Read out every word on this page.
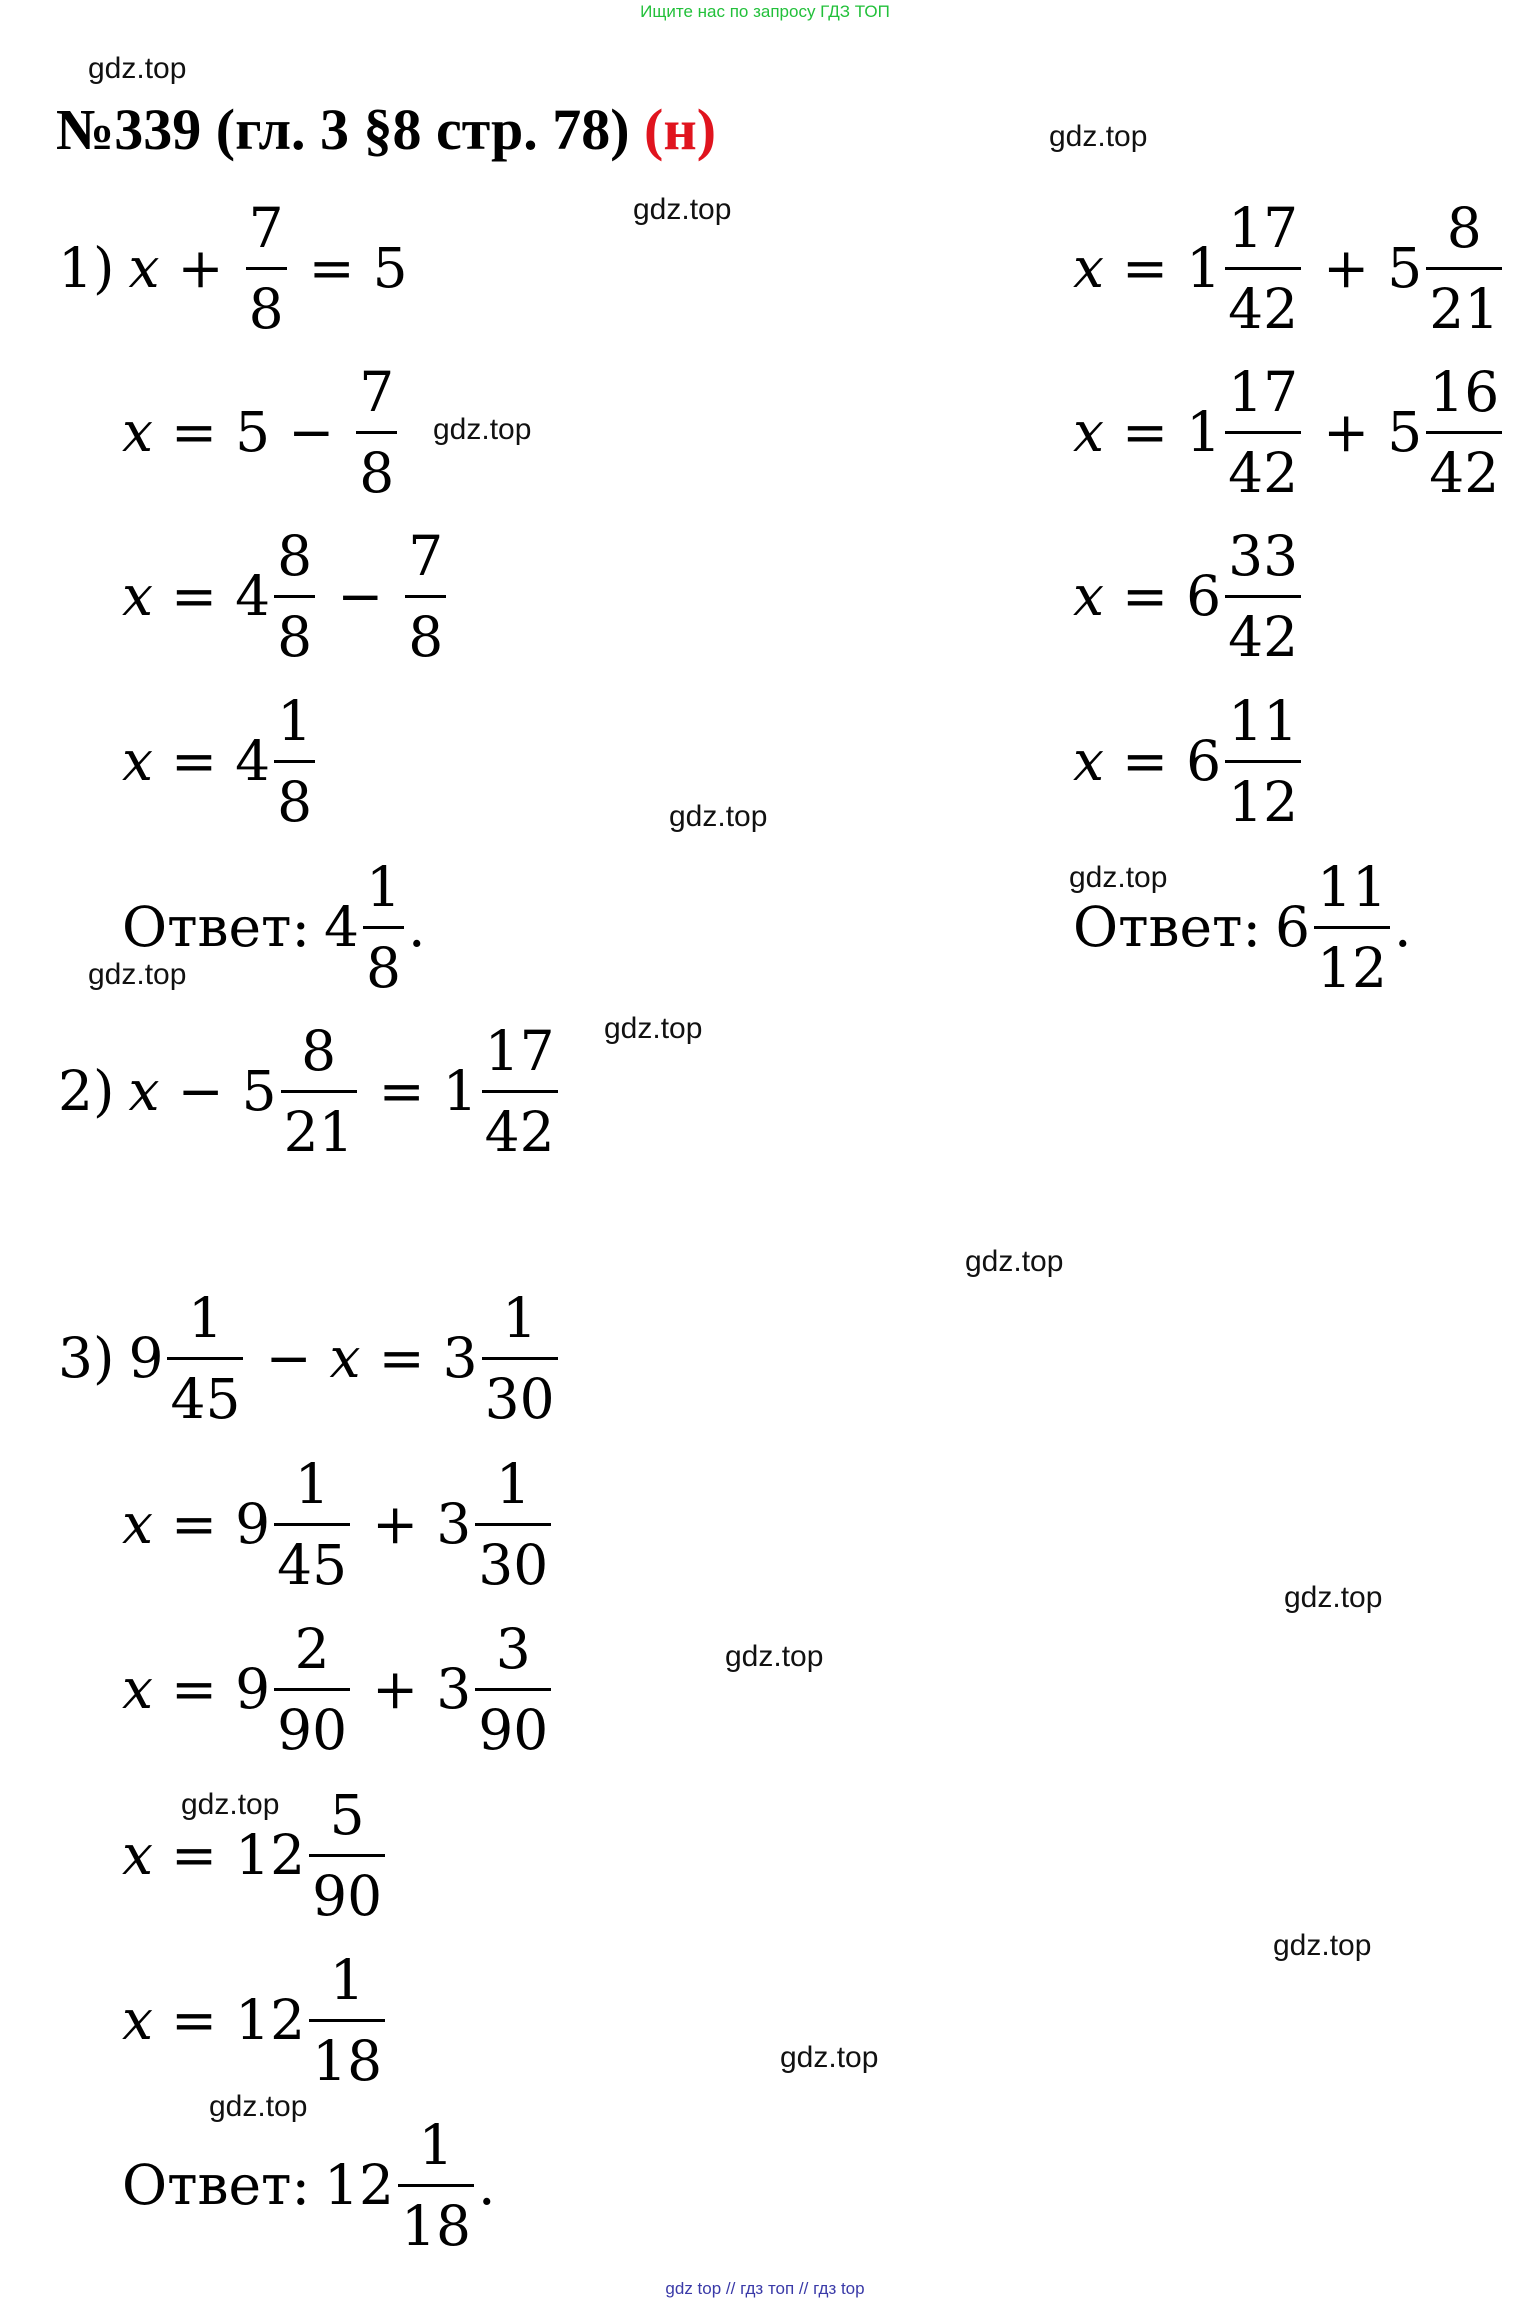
Ищите нас по запросу ГДЗ ТОП
gdz.top
gdz.top
gdz.top
gdz.top
gdz.top
gdz.top
gdz.top
gdz.top
gdz.top
gdz.top
gdz.top
gdz.top
gdz.top
gdz.top
gdz.top
№339 (гл. 3 §8 стр. 78) (н)
1) $x + \frac{7}{8} = 5$
$x = 5 - \frac{7}{8}$
$x = 4 \frac{8}{8} - \frac{7}{8}$
$x = 4 \frac{1}{8}$
Ответ: $4 \frac{1}{8}$ .
2) $x - 5 \frac{8}{21} = 1 \frac{17}{42}$
$x = 1 \frac{17}{42} + 5 \frac{8}{21}$
$x = 1 \frac{17}{42} + 5 \frac{16}{42}$
$x = 6 \frac{33}{42}$
$x = 6 \frac{11}{12}$
Ответ: $6 \frac{11}{12}$ .
3) $9 \frac{1}{45} - x = 3 \frac{1}{30}$
$x = 9 \frac{1}{45} + 3 \frac{1}{30}$
$x = 9 \frac{2}{90} + 3 \frac{3}{90}$
$x = 12 \frac{5}{90}$
$x = 12 \frac{1}{18}$
Ответ: $12 \frac{1}{18}$ .
gdz top // гдз топ // гдз top
